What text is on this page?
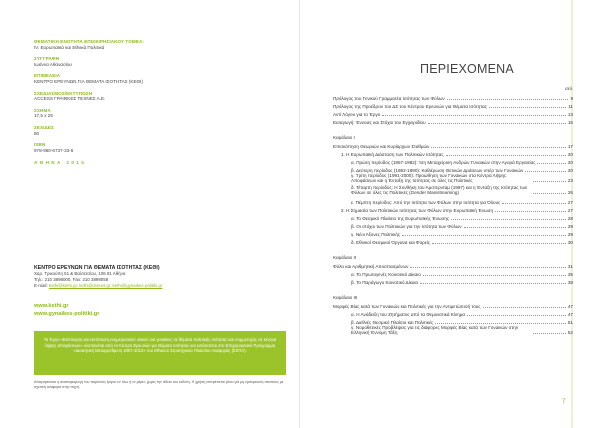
ΘΕΜΑΤΙΚΗ ΕΝΟΤΗΤΑ ΕΠΙΧΕΙΡΗΣΙΑΚΟΥ ΤΟΜΕΑ:
IV. Ευρωπαϊκά και Εθνικά Πολιτικά
ΣΥΓΓΡΑΦΗ
Ιωάννα Αθανασίου
ΕΠΙΜΕΛΕΙΑ
ΚΕΝΤΡΟ ΕΡΕΥΝΩΝ ΓΙΑ ΘΕΜΑΤΑ ΙΣΟΤΗΤΑΣ (ΚΕΘΙ)
ΣΧΕΔΙΑΣΜΟΣ/ΕΚΤΥΠΩΣΗ
ACCESS ΓΡΑΦΙΚΕΣ ΤΕΧΝΕΣ Α.Ε.
ΣΧΗΜΑ
17,5 x 25
ΣΕΛΙΔΕΣ
80
ISBN
978-960-6737-33-6
ΑΘΗΝΑ 2014
ΚΕΝΤΡΟ ΕΡΕΥΝΩΝ ΓΙΑ ΘΕΜΑΤΑ ΙΣΟΤΗΤΑΣ (ΚΕΘΙ)
Χαρ. Τρικούπη 51 & Βαλτετσίου, 106 81 Αθήνα
Τηλ.: 210 3898000, Fax: 210 3898058
E-mail: kethi@kethi.gr, kethi@otenet.gr, kethi@gynaikes-politiki.gr
www.kethi.gr
www.gynaikes-politiki.gr
Το Έργο «Εκπόνηση και εκτύπωση ενημερωτικού υλικού για γυναίκες σε θέματα πολιτικής ισότητας και συμμετοχής σε κέντρα λήψης αποφάσεων» υλοποιείται από το Κέντρο Ερευνών για Θέματα Ισότητας και εντάσσεται στο Επιχειρησιακό Πρόγραμμα «Διοικητική Μεταρρύθμιση 2007-2013» του Εθνικού Στρατηγικού Πλαισίου Αναφοράς (ΕΣΠΑ).
Απαγορεύεται η αναπαραγωγή του παρόντος έργου εν όλω ή εν μέρει, χωρίς την άδεια του εκδότη. Η χρήση επιτρέπεται μόνο για μη εμπορικούς σκοπούς με σχετική αναφορά στην πηγή.
ΠΕΡΙΕΧΟΜΕΝΑ
σελ.
Πρόλογος του Γενικού Γραμματέα Ισότητας των Φύλων	9
Πρόλογος της Προέδρου του ΔΣ του Κέντρου Ερευνών για Θέματα Ισότητας	11
Αντί Λόγου για το Έργο	13
Εισαγωγή: Έννοιες και Στόχοι του Εγχειριδίου	15
Κεφάλαιο I
Επισκόπηση Θεωριών και Κυρίαρχων Σταθμών	17
1. Η Ευρωπαϊκή Διάσταση των Πολιτικών Ισότητας	20
α. Πρώτη περίοδος (1957-1982): Ίση Μεταχείριση Ανδρών Γυναικών στην Αγορά Εργασίας	20
β. Δεύτερη περίοδος (1982-1990): Καθιέρωση Θετικών Δράσεων υπέρ των Γυναικών	20
γ. Τρίτη περίοδος (1991-2000): Προώθηση των Γυναικών στα Κέντρα Λήψης Αποφάσεων και η Ένταξη της Ισότητας σε όλες τις Πολιτικές	23
δ. Τέταρτη περίοδος: Η Συνθήκη του Άμστερνταμ (1997) και η Ένταξη της Ισότητας των Φύλων σε όλες τις Πολιτικές (Gender Mainstreaming)	26
ε. Πέμπτη περίοδος: Από την Ισότητα των Φύλων στην Ισότητα για Όλους	27
2. Η Σημασία των Πολιτικών Ισότητας των Φύλων στην Ευρωπαϊκή Ένωση	27
α. Το Θεσμικό Πλαίσιο της Ευρωπαϊκής Ένωσης	28
β. Οι στόχοι των Πολιτικών για την Ισότητα των Φύλων	29
γ. Νέοι Άξονες Πολιτικής	29
δ. Εθνικοί Θεσμικοί Όργανα και Φορείς	30
Κεφάλαιο II
Φύλο και Αριθμητική Αποσπασμένων	31
α. Το Πρωτογενές Κοινοτικό Δίκαιο	35
β. Το Παράγωγο Κοινοτικό Δίκαιο	38
Κεφάλαιο III
Μορφές Βίας κατά των Γυναικών και Πολιτικές για την Αντιμετώπισή τους	47
α. Η Ανάδειξη του Ζητήματος από τα Φεμινιστικά Κίνημα	47
β. Διεθνές Θεσμικό Πλαίσιο και Πολιτικές	51
γ. Νομοθετικές Προβλέψεις για τις διάφορες Μορφές Βίας κατά των Γυναικών στην Ελληνική Έννομη Τάξη	52
7
